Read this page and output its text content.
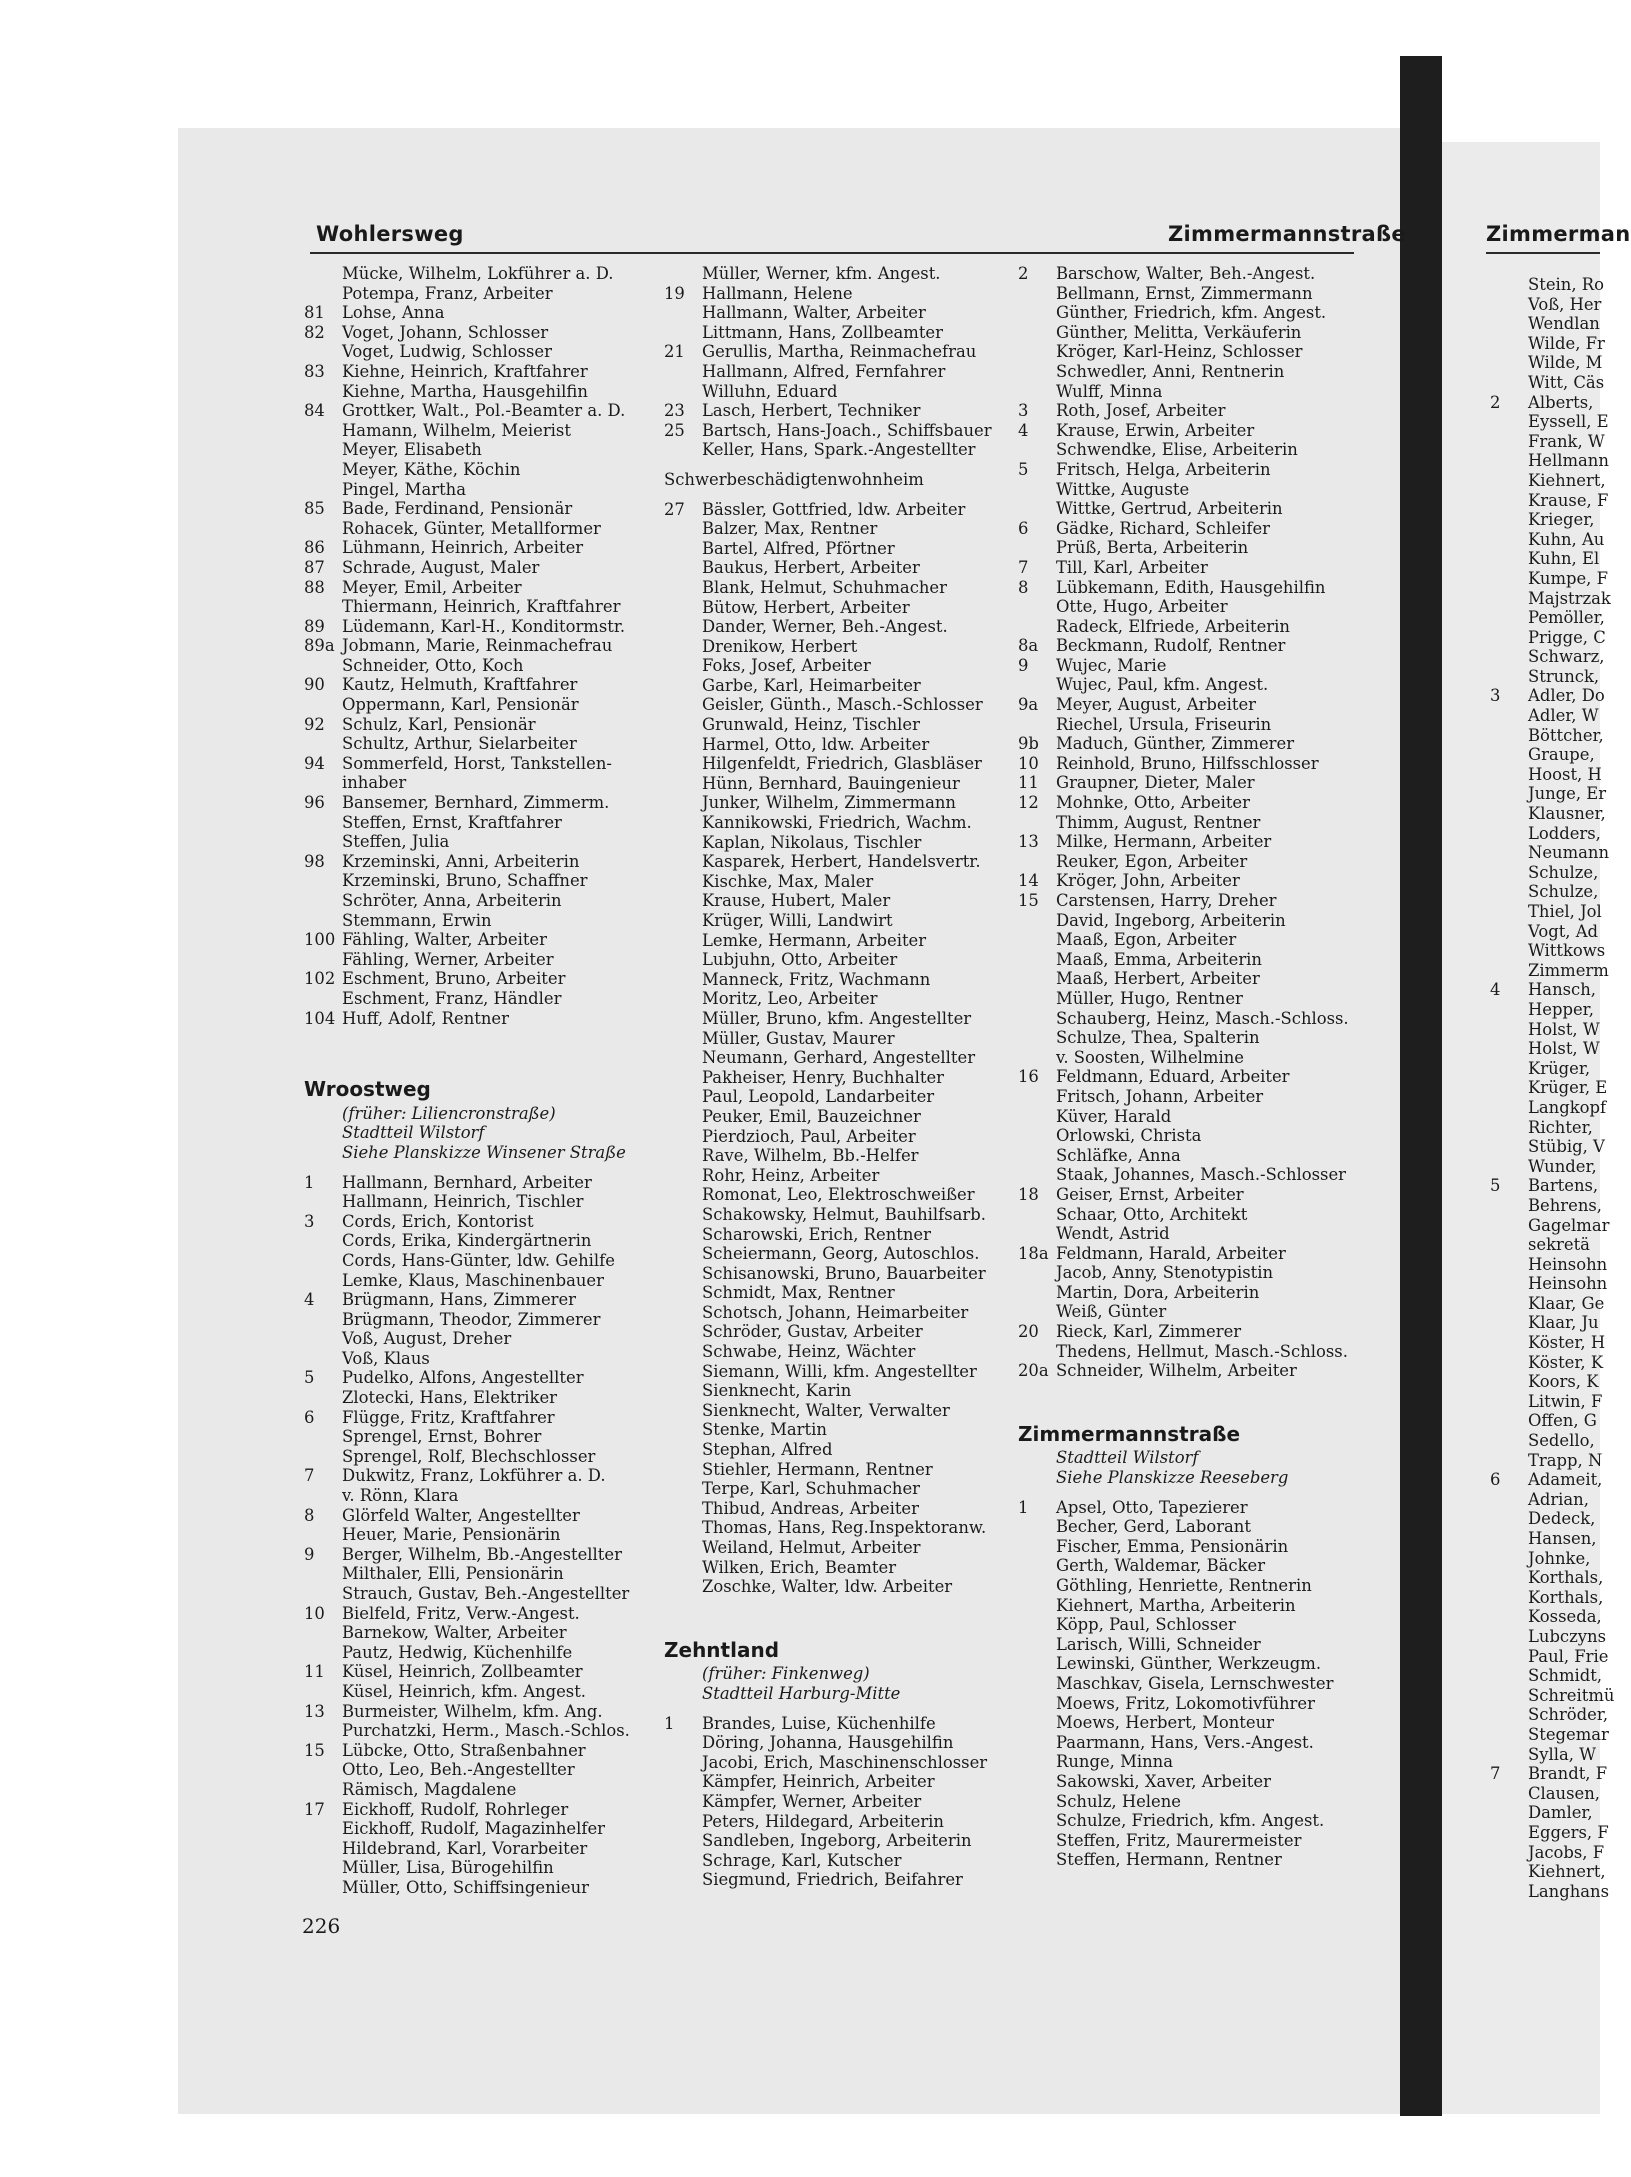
Wohlersweg	Zimmermannstraße	Zimmerman
Mücke, Wilhelm, Lokführer a. D.
Potempa, Franz, Arbeiter
81	Lohse, Anna
82	Voget, Johann, Schlosser
Voget, Ludwig, Schlosser
83	Kiehne, Heinrich, Kraftfahrer
Kiehne, Martha, Hausgehilfin
84	Grottker, Walt., Pol.-Beamter a. D.
Hamann, Wilhelm, Meierist
Meyer, Elisabeth
Meyer, Käthe, Köchin
Pingel, Martha
85	Bade, Ferdinand, Pensionär
Rohacek, Günter, Metallformer
86	Lühmann, Heinrich, Arbeiter
87	Schrade, August, Maler
88	Meyer, Emil, Arbeiter
Thiermann, Heinrich, Kraftfahrer
89	Lüdemann, Karl-H., Konditormstr.
89a Jobmann, Marie, Reinmachefrau
Schneider, Otto, Koch
90	Kautz, Helmuth, Kraftfahrer
Oppermann, Karl, Pensionär
92	Schulz, Karl, Pensionär
Schultz, Arthur, Sielarbeiter
94	Sommerfeld, Horst, Tankstellen-
inhaber
96	Bansemer, Bernhard, Zimmerm.
Steffen, Ernst, Kraftfahrer
Steffen, Julia
98	Krzeminski, Anni, Arbeiterin
Krzeminski, Bruno, Schaffner
Schröter, Anna, Arbeiterin
Stemmann, Erwin
100 Fähling, Walter, Arbeiter
Fähling, Werner, Arbeiter
102 Eschment, Bruno, Arbeiter
Eschment, Franz, Händler
104 Huff, Adolf, Rentner
Wroostweg
(früher: Liliencronstraße)
Stadtteil Wilstorf
Siehe Planskizze Winsener Straße
1	Hallmann, Bernhard, Arbeiter
Hallmann, Heinrich, Tischler
3	Cords, Erich, Kontorist
Cords, Erika, Kindergärtnerin
Cords, Hans-Günter, ldw. Gehilfe
Lemke, Klaus, Maschinenbauer
4	Brügmann, Hans, Zimmerer
Brügmann, Theodor, Zimmerer
Voß, August, Dreher
Voß, Klaus
5	Pudelko, Alfons, Angestellter
Zlotecki, Hans, Elektriker
6	Flügge, Fritz, Kraftfahrer
Sprengel, Ernst, Bohrer
Sprengel, Rolf, Blechschlosser
7	Dukwitz, Franz, Lokführer a. D.
v. Rönn, Klara
8	Glörfeld Walter, Angestellter
Heuer, Marie, Pensionärin
9	Berger, Wilhelm, Bb.-Angestellter
Milthaler, Elli, Pensionärin
Strauch, Gustav, Beh.-Angestellter
10	Bielfeld, Fritz, Verw.-Angest.
Barnekow, Walter, Arbeiter
Pautz, Hedwig, Küchenhilfe
11	Küsel, Heinrich, Zollbeamter
Küsel, Heinrich, kfm. Angest.
13	Burmeister, Wilhelm, kfm. Ang.
Purchatzki, Herm., Masch.-Schlos.
15	Lübcke, Otto, Straßenbahner
Otto, Leo, Beh.-Angestellter
Rämisch, Magdalene
17	Eickhoff, Rudolf, Rohrleger
Eickhoff, Rudolf, Magazinhelfer
Hildebrand, Karl, Vorarbeiter
Müller, Lisa, Bürogehilfin
Müller, Otto, Schiffsingenieur
Müller, Werner, kfm. Angest.
19	Hallmann, Helene
Hallmann, Walter, Arbeiter
Littmann, Hans, Zollbeamter
21	Gerullis, Martha, Reinmachefrau
Hallmann, Alfred, Fernfahrer
Willuhn, Eduard
23	Lasch, Herbert, Techniker
25	Bartsch, Hans-Joach., Schiffsbauer
Keller, Hans, Spark.-Angestellter
Schwerbeschädigtenwohnheim
27	Bässler, Gottfried, ldw. Arbeiter
Balzer, Max, Rentner
Bartel, Alfred, Pförtner
Baukus, Herbert, Arbeiter
Blank, Helmut, Schuhmacher
Bütow, Herbert, Arbeiter
Dander, Werner, Beh.-Angest.
Drenikow, Herbert
Foks, Josef, Arbeiter
Garbe, Karl, Heimarbeiter
Geisler, Günth., Masch.-Schlosser
Grunwald, Heinz, Tischler
Harmel, Otto, ldw. Arbeiter
Hilgenfeldt, Friedrich, Glasbläser
Hünn, Bernhard, Bauingenieur
Junker, Wilhelm, Zimmermann
Kannikowski, Friedrich, Wachm.
Kaplan, Nikolaus, Tischler
Kasparek, Herbert, Handelsvertr.
Kischke, Max, Maler
Krause, Hubert, Maler
Krüger, Willi, Landwirt
Lemke, Hermann, Arbeiter
Lubjuhn, Otto, Arbeiter
Manneck, Fritz, Wachmann
Moritz, Leo, Arbeiter
Müller, Bruno, kfm. Angestellter
Müller, Gustav, Maurer
Neumann, Gerhard, Angestellter
Pakheiser, Henry, Buchhalter
Paul, Leopold, Landarbeiter
Peuker, Emil, Bauzeichner
Pierdzioch, Paul, Arbeiter
Rave, Wilhelm, Bb.-Helfer
Rohr, Heinz, Arbeiter
Romonat, Leo, Elektroschweißer
Schakowsky, Helmut, Bauhilfsarb.
Scharowski, Erich, Rentner
Scheiermann, Georg, Autoschlos.
Schisanowski, Bruno, Bauarbeiter
Schmidt, Max, Rentner
Schotsch, Johann, Heimarbeiter
Schröder, Gustav, Arbeiter
Schwabe, Heinz, Wächter
Siemann, Willi, kfm. Angestellter
Sienknecht, Karin
Sienknecht, Walter, Verwalter
Stenke, Martin
Stephan, Alfred
Stiehler, Hermann, Rentner
Terpe, Karl, Schuhmacher
Thibud, Andreas, Arbeiter
Thomas, Hans, Reg.Inspektoranw.
Weiland, Helmut, Arbeiter
Wilken, Erich, Beamter
Zoschke, Walter, ldw. Arbeiter
Zehntland
(früher: Finkenweg)
Stadtteil Harburg-Mitte
1	Brandes, Luise, Küchenhilfe
Döring, Johanna, Hausgehilfin
Jacobi, Erich, Maschinenschlosser
Kämpfer, Heinrich, Arbeiter
Kämpfer, Werner, Arbeiter
Peters, Hildegard, Arbeiterin
Sandleben, Ingeborg, Arbeiterin
Schrage, Karl, Kutscher
Siegmund, Friedrich, Beifahrer
2	Barschow, Walter, Beh.-Angest.
Bellmann, Ernst, Zimmermann
Günther, Friedrich, kfm. Angest.
Günther, Melitta, Verkäuferin
Kröger, Karl-Heinz, Schlosser
Schwedler, Anni, Rentnerin
Wulff, Minna
3	Roth, Josef, Arbeiter
4	Krause, Erwin, Arbeiter
Schwendke, Elise, Arbeiterin
5	Fritsch, Helga, Arbeiterin
Wittke, Auguste
Wittke, Gertrud, Arbeiterin
6	Gädke, Richard, Schleifer
Prüß, Berta, Arbeiterin
7	Till, Karl, Arbeiter
8	Lübkemann, Edith, Hausgehilfin
Otte, Hugo, Arbeiter
Radeck, Elfriede, Arbeiterin
8a	Beckmann, Rudolf, Rentner
9	Wujec, Marie
Wujec, Paul, kfm. Angest.
9a	Meyer, August, Arbeiter
Riechel, Ursula, Friseurin
9b	Maduch, Günther, Zimmerer
10	Reinhold, Bruno, Hilfsschlosser
11	Graupner, Dieter, Maler
12	Mohnke, Otto, Arbeiter
Thimm, August, Rentner
13	Milke, Hermann, Arbeiter
Reuker, Egon, Arbeiter
14	Kröger, John, Arbeiter
15	Carstensen, Harry, Dreher
David, Ingeborg, Arbeiterin
Maaß, Egon, Arbeiter
Maaß, Emma, Arbeiterin
Maaß, Herbert, Arbeiter
Müller, Hugo, Rentner
Schauberg, Heinz, Masch.-Schloss.
Schulze, Thea, Spalterin
v. Soosten, Wilhelmine
16	Feldmann, Eduard, Arbeiter
Fritsch, Johann, Arbeiter
Küver, Harald
Orlowski, Christa
Schläfke, Anna
Staak, Johannes, Masch.-Schlosser
18	Geiser, Ernst, Arbeiter
Schaar, Otto, Architekt
Wendt, Astrid
18a Feldmann, Harald, Arbeiter
Jacob, Anny, Stenotypistin
Martin, Dora, Arbeiterin
Weiß, Günter
20	Rieck, Karl, Zimmerer
Thedens, Hellmut, Masch.-Schloss.
20a Schneider, Wilhelm, Arbeiter
Zimmermannstraße
Stadtteil Wilstorf
Siehe Planskizze Reeseberg
1	Apsel, Otto, Tapezierer
Becher, Gerd, Laborant
Fischer, Emma, Pensionärin
Gerth, Waldemar, Bäcker
Göthling, Henriette, Rentnerin
Kiehnert, Martha, Arbeiterin
Köpp, Paul, Schlosser
Larisch, Willi, Schneider
Lewinski, Günther, Werkzeugm.
Maschkav, Gisela, Lernschwester
Moews, Fritz, Lokomotivführer
Moews, Herbert, Monteur
Paarmann, Hans, Vers.-Angest.
Runge, Minna
Sakowski, Xaver, Arbeiter
Schulz, Helene
Schulze, Friedrich, kfm. Angest.
Steffen, Fritz, Maurermeister
Steffen, Hermann, Rentner
Stein, Ro
Voß, Her
Wendlan
Wilde, Fr
Wilde, M
Witt, Cäs
2	Alberts,
Eyssell, E
Frank, W
Hellmann
Kiehnert,
Krause, F
Krieger,
Kuhn, Au
Kuhn, El
Kumpe, F
Majstrzak
Pemöller,
Prigge, C
Schwarz,
Strunck,
3	Adler, Do
Adler, W
Böttcher,
Graupe,
Hoost, H
Junge, Er
Klausner,
Lodders,
Neumann
Schulze,
Schulze,
Thiel, Jol
Vogt, Ad
Wittkows
Zimmerm
4	Hansch,
Hepper,
Holst, W
Holst, W
Krüger,
Krüger, E
Langkopf
Richter,
Stübig, V
Wunder,
5	Bartens,
Behrens,
Gagelmar
sekretä
Heinsohn
Heinsohn
Klaar, Ge
Klaar, Ju
Köster, H
Köster, K
Koors, K
Litwin, F
Offen, G
Sedello,
Trapp, N
6	Adameit,
Adrian,
Dedeck,
Hansen,
Johnke,
Korthals,
Korthals,
Kosseda,
Lubczyns
Paul, Frie
Schmidt,
Schreitmü
Schröder,
Stegemar
Sylla, W
7	Brandt, F
Clausen,
Damler,
Eggers, F
Jacobs, F
Kiehnert,
Langhans
226
